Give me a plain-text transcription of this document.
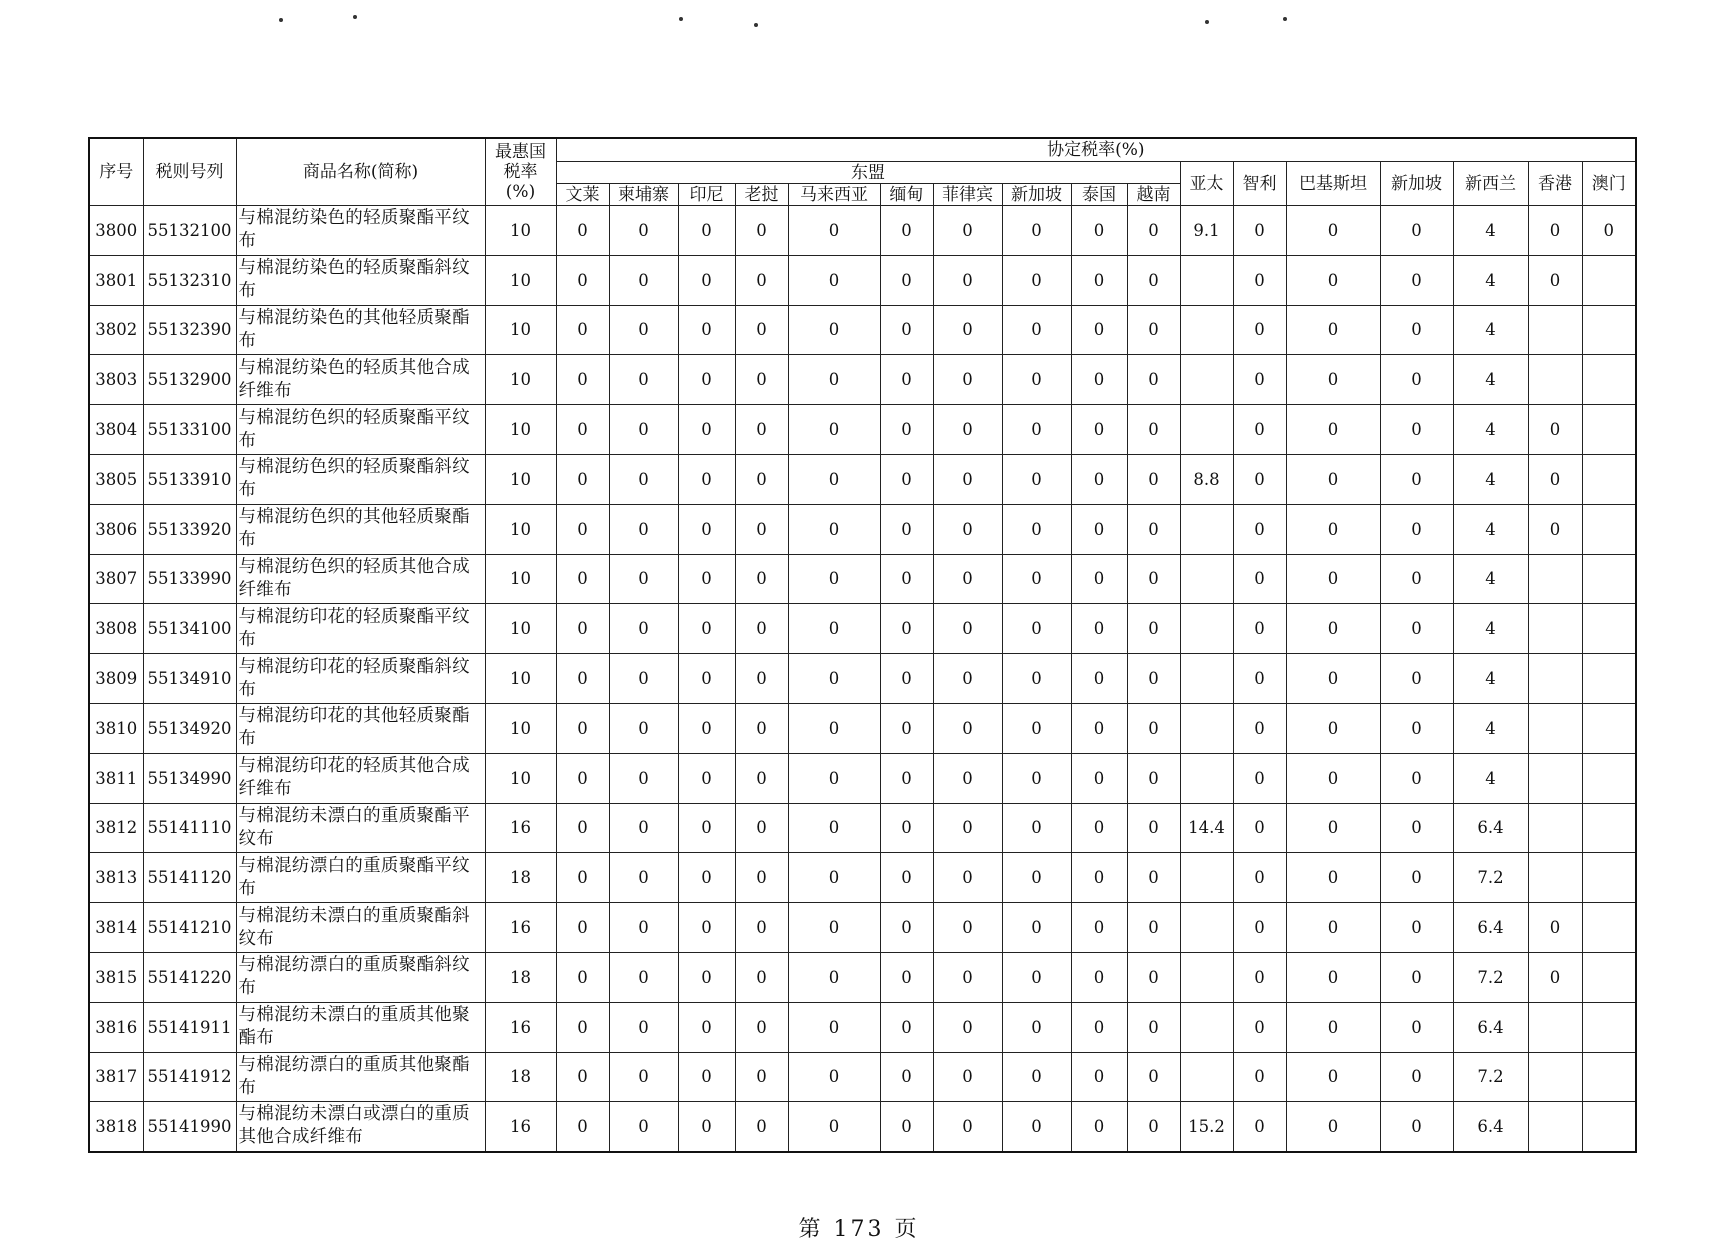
序号	税则号列	商品名称(简称)	最惠国税率(%)	协定税率(%)																
				东盟										亚太	智利	巴基斯坦	新加坡	新西兰	香港	澳门
				文莱	柬埔寨	印尼	老挝	马来西亚	缅甸	菲律宾	新加坡	泰国	越南							
3800	55132100	与棉混纺染色的轻质聚酯平纹布	10	0	0	0	0	0	0	0	0	0	0	9.1	0	0	0	4	0	0
3801	55132310	与棉混纺染色的轻质聚酯斜纹布	10	0	0	0	0	0	0	0	0	0	0		0	0	0	4	0	
3802	55132390	与棉混纺染色的其他轻质聚酯布	10	0	0	0	0	0	0	0	0	0	0		0	0	0	4		
3803	55132900	与棉混纺染色的轻质其他合成纤维布	10	0	0	0	0	0	0	0	0	0	0		0	0	0	4		
3804	55133100	与棉混纺色织的轻质聚酯平纹布	10	0	0	0	0	0	0	0	0	0	0		0	0	0	4	0	
3805	55133910	与棉混纺色织的轻质聚酯斜纹布	10	0	0	0	0	0	0	0	0	0	0	8.8	0	0	0	4	0	
3806	55133920	与棉混纺色织的其他轻质聚酯布	10	0	0	0	0	0	0	0	0	0	0		0	0	0	4	0	
3807	55133990	与棉混纺色织的轻质其他合成纤维布	10	0	0	0	0	0	0	0	0	0	0		0	0	0	4		
3808	55134100	与棉混纺印花的轻质聚酯平纹布	10	0	0	0	0	0	0	0	0	0	0		0	0	0	4		
3809	55134910	与棉混纺印花的轻质聚酯斜纹布	10	0	0	0	0	0	0	0	0	0	0		0	0	0	4		
3810	55134920	与棉混纺印花的其他轻质聚酯布	10	0	0	0	0	0	0	0	0	0	0		0	0	0	4		
3811	55134990	与棉混纺印花的轻质其他合成纤维布	10	0	0	0	0	0	0	0	0	0	0		0	0	0	4		
3812	55141110	与棉混纺未漂白的重质聚酯平纹布	16	0	0	0	0	0	0	0	0	0	0	14.4	0	0	0	6.4		
3813	55141120	与棉混纺漂白的重质聚酯平纹布	18	0	0	0	0	0	0	0	0	0	0		0	0	0	7.2		
3814	55141210	与棉混纺未漂白的重质聚酯斜纹布	16	0	0	0	0	0	0	0	0	0	0		0	0	0	6.4	0	
3815	55141220	与棉混纺漂白的重质聚酯斜纹布	18	0	0	0	0	0	0	0	0	0	0		0	0	0	7.2	0	
3816	55141911	与棉混纺未漂白的重质其他聚酯布	16	0	0	0	0	0	0	0	0	0	0		0	0	0	6.4		
3817	55141912	与棉混纺漂白的重质其他聚酯布	18	0	0	0	0	0	0	0	0	0	0		0	0	0	7.2		
3818	55141990	与棉混纺未漂白或漂白的重质其他合成纤维布	16	0	0	0	0	0	0	0	0	0	0	15.2	0	0	0	6.4		
第 173 页
